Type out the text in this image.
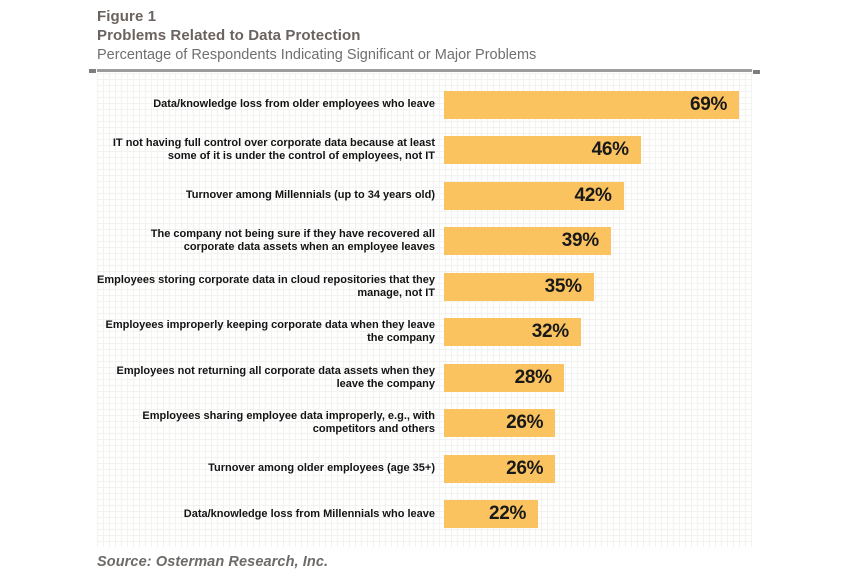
Figure 1

Problems Related to Data Protection

Percentage of Respondents Indicating Significant or Major Problems

Data/knowledge loss from older employees who leave	69%
IT not having full control over corporate data because at least some of it is under the control of employees, not IT	46%
Turnover among Millennials (up to 34 years old)	42%
The company not being sure if they have recovered all corporate data assets when an employee leaves	39%
Employees storing corporate data in cloud repositories that they manage, not IT	35%
Employees improperly keeping corporate data when they leave the company	32%
Employees not returning all corporate data assets when they leave the company	28%
Employees sharing employee data improperly, e.g., with competitors and others	26%
Turnover among older employees (age 35+)	26%
Data/knowledge loss from Millennials who leave	22%

Source: Osterman Research, Inc.
